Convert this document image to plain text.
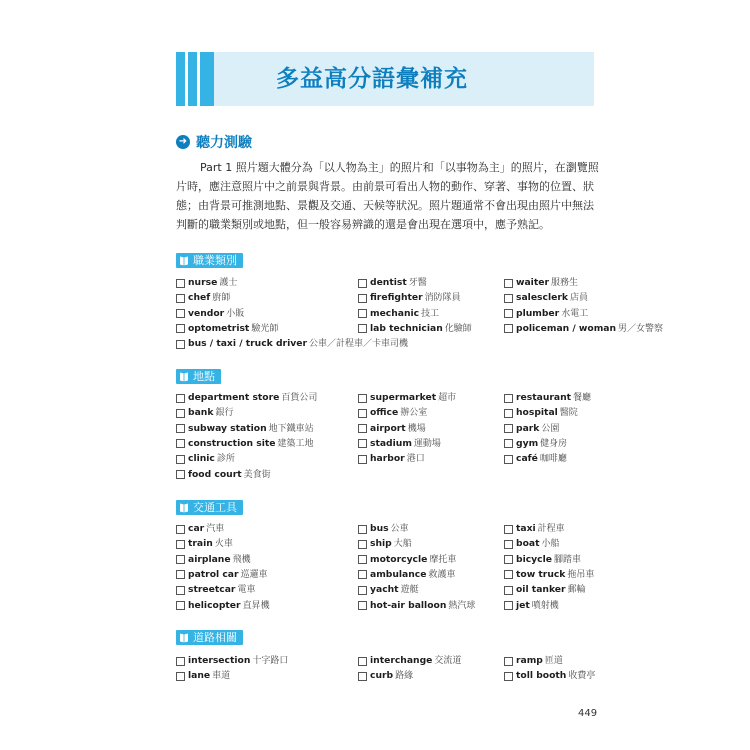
多益高分語彙補充
➜ 聽力測驗
Part 1 照片題大體分為「以人物為主」的照片和「以事物為主」的照片，在瀏覽照
片時，應注意照片中之前景與背景。由前景可看出人物的動作、穿著、事物的位置、狀
態；由背景可推測地點、景觀及交通、天候等狀況。照片題通常不會出現由照片中無法
判斷的職業類別或地點，但一般容易辨識的還是會出現在選項中，應予熟記。
職業類別
nurse 護士	dentist 牙醫	waiter 服務生
chef 廚師	firefighter 消防隊員	salesclerk 店員
vendor 小販	mechanic 技工	plumber 水電工
optometrist 驗光師	lab technician 化驗師	policeman / woman 男／女警察
bus / taxi / truck driver 公車／計程車／卡車司機
地點
department store 百貨公司	supermarket 超市	restaurant 餐廳
bank 銀行	office 辦公室	hospital 醫院
subway station 地下鐵車站	airport 機場	park 公園
construction site 建築工地	stadium 運動場	gym 健身房
clinic 診所	harbor 港口	café 咖啡廳
food court 美食街
交通工具
car 汽車	bus 公車	taxi 計程車
train 火車	ship 大船	boat 小船
airplane 飛機	motorcycle 摩托車	bicycle 腳踏車
patrol car 巡邏車	ambulance 救護車	tow truck 拖吊車
streetcar 電車	yacht 遊艇	oil tanker 郵輪
helicopter 直昇機	hot-air balloon 熱汽球	jet 噴射機
道路相關
intersection 十字路口	interchange 交流道	ramp 匝道
lane 車道	curb 路緣	toll booth 收費亭
449
